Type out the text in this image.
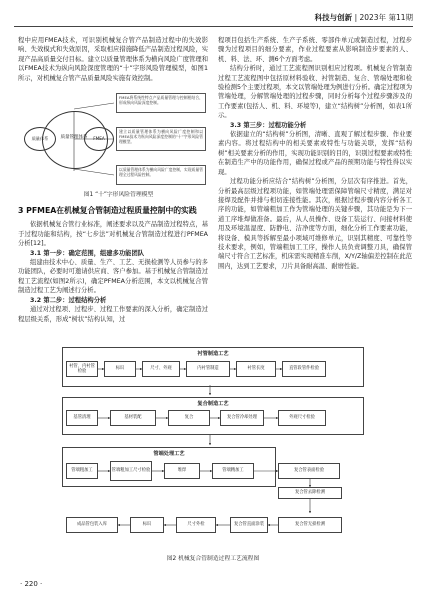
科技与创新 | 2023年 第11期

程中应用FMEA技术，可识别机械复合管产品制造过程中的失效影响、失效模式和失效原因，采取相应措施降低产品制造过程风险，实现产品高质量交付目标。建立以质量管理体系为横向风险广度管理和以FMEA技术为纵向风险深度管理的“十”字形风险管理模型，如图1所示，对机械复合管产品质量风险实施有效控制。

质量体系	质量管理体系	FMEA
FMEA将系统性特点产品质量管理与控制相结合，形成纵向风险深度控制。
建立以质量管理体系为横向风险广度控制和以FMEA技术为纵向风险深度控制的“十”字形风险管理模型。
以质量管理体系为横向风险广度控制，实现质量管理全过程风险控制。

图1 “十”字形风险管理模型

3 PFMEA在机械复合管制造过程质量控制中的实践

依据机械复合管行业标准，阐述要求以及产品制造过程特点，基于过程功能和结构，按“七步法”对机械复合管制造过程进行PFMEA分析[12]。

3.1 第一步：确定范围，组建多功能团队

组建由技术中心、质量、生产、工艺、无损检测等人员参与的多功能团队，必要时可邀请供应商、客户参加。基于机械复合管制造过程工艺流程(如图2所示)，确定PFMEA分析范围，本文以机械复合管制造过程工艺为阐述行分析。

3.2 第二步：过程结构分析

通过对过程项、过程步、过程工作要素的深入分析，确定制造过程层级关系，形成“树状”结构认知，过

程项目包括生产系统、生产子系统、零部件单元或制造过程，过程步骤为过程项目的细分要素，作业过程要素从影响制造步要素的人、机、料、法、环、测6个方面考虑。

结构分析时，通过工艺流程图识别相应过程项。机械复合管制造过程工艺流程图中包括原材料验收、衬管制造、复合、管端处理和检验检测5个主要过程项，本文以管端处理为例进行分析。确定过程项为管端处理，分解管端处理的过程步骤，同时分析每个过程步骤涉及的工作要素(包括人、机、料、环境等)，建立“结构树”分析图，如表1所示。

3.3 第三步：过程功能分析

依据建立的“结构树”分析图，清晰、直观了解过程步骤、作业要素内容。将过程结构中的相关要素或特性与功能关联，发挥“结构树”相关要素分析的作用，实现功能识别的目的，识别过程要素或特性在制造生产中的功能作用，确保过程或产品的预期功能与特性得以实现。

过程功能分析应结合“结构树”分析图，分层次有序推进。首先，分析最高层级过程项功能，如管端处理需保障管端尺寸精度，满足对接焊及配件并排与相切连接性能。其次，根据过程步骤内容分析各工序的功能，如管端粗加工作为管端处理的关键步骤，其功能是为下一道工序堆焊做准备。最后，从人员操作、设备工装运行、问接材料使用及环境温湿度、防静电、洁净度等方面，细化分析工作要素功能，将设备、模具等拆解至最小项域可维修单元，识别其精度、可靠性等技术要求，例如，管端粗加工工序，操作人员负责调整刀具，确保管端尺寸符合工艺标准，机床需实现精准车削，X/Y/Z轴偏差控制在此范围内，达到工艺要求，刀片具备耐高温、耐磨性能。

衬管制造工艺
衬管、内衬管检验
标识	尺寸、外观	内衬管制造	衬管长度	直管段管件检验
复合制造工艺
基管清理	基材装配	复合	复合管冷却处理	外观尺寸检验
管端处理工艺
管端粗加工	管端粗加工尺寸检验	堆焊	管端精加工	复合管表面检验
复合管去除检测
成品管包装入库	标识	尺寸外检	复合管直面涂装	复合管无损检测
图2 机械复合管制造过程工艺流程图
· 220 ·
